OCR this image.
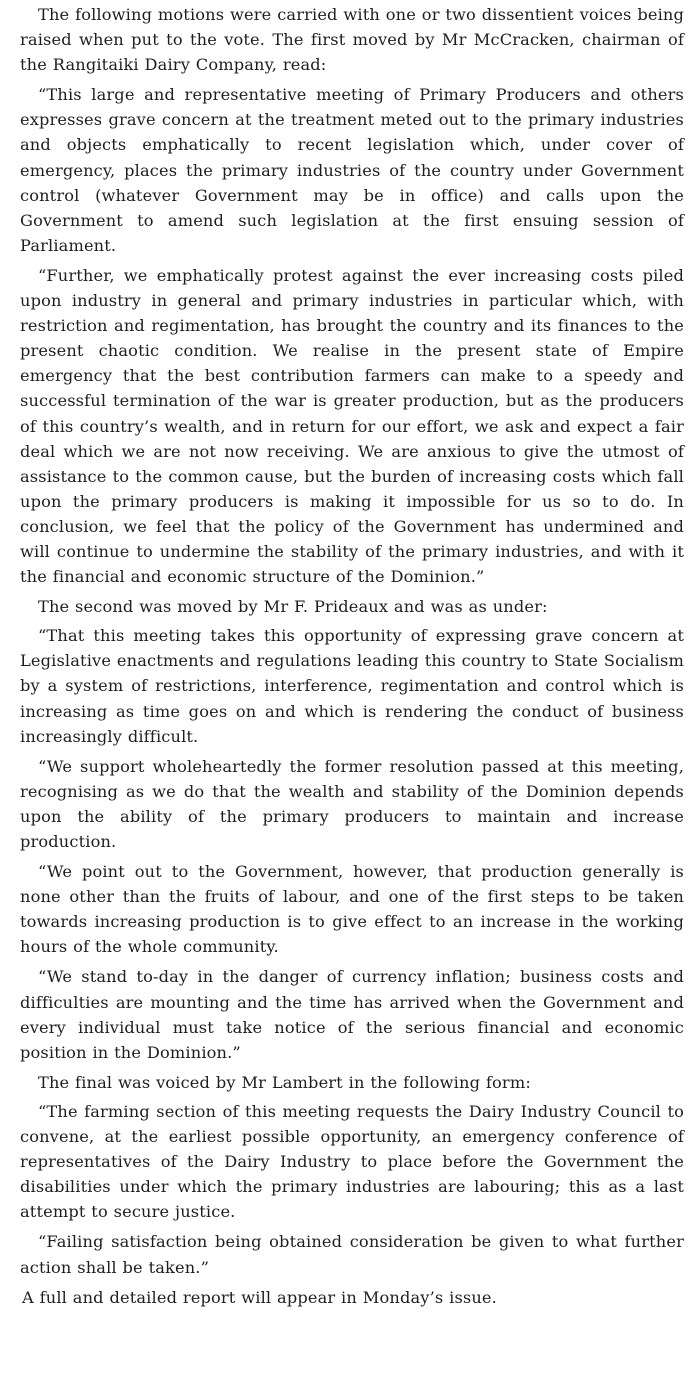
The following motions were carried with one or two dissentient voices being raised when put to the vote. The first moved by Mr McCracken, chairman of the Rangitaiki Dairy Company, read:

“This large and representative meeting of Primary Producers and others expresses grave concern at the treatment meted out to the primary industries and objects emphatically to recent legislation which, under cover of emergency, places the primary industries of the country under Government control (whatever Government may be in office) and calls upon the Government to amend such legislation at the first ensuing session of Parliament.

“Further, we emphatically protest against the ever increasing costs piled upon industry in general and primary industries in particular which, with restriction and regimentation, has brought the country and its finances to the present chaotic condition. We realise in the present state of Empire emergency that the best contribution farmers can make to a speedy and successful termination of the war is greater production, but as the producers of this country’s wealth, and in return for our effort, we ask and expect a fair deal which we are not now receiving. We are anxious to give the utmost of assistance to the common cause, but the burden of increasing costs which fall upon the primary producers is making it impossible for us so to do. In conclusion, we feel that the policy of the Government has undermined and will continue to undermine the stability of the primary industries, and with it the financial and economic structure of the Dominion.”

The second was moved by Mr F. Prideaux and was as under:

“That this meeting takes this opportunity of expressing grave concern at Legislative enactments and regulations leading this country to State Socialism by a system of restrictions, interference, regimentation and control which is increasing as time goes on and which is rendering the conduct of business increasingly difficult.

“We support wholeheartedly the former resolution passed at this meeting, recognising as we do that the wealth and stability of the Dominion depends upon the ability of the primary producers to maintain and increase production.

“We point out to the Government, however, that production generally is none other than the fruits of labour, and one of the first steps to be taken towards increasing production is to give effect to an increase in the working hours of the whole community.

“We stand to-day in the danger of currency inflation; business costs and difficulties are mounting and the time has arrived when the Government and every individual must take notice of the serious financial and economic position in the Dominion.”

The final was voiced by Mr Lambert in the following form:

“The farming section of this meeting requests the Dairy Industry Council to convene, at the earliest possible opportunity, an emergency conference of representatives of the Dairy Industry to place before the Government the disabilities under which the primary industries are labouring; this as a last attempt to secure justice.

“Failing satisfaction being obtained consideration be given to what further action shall be taken.”

A full and detailed report will appear in Monday’s issue.
